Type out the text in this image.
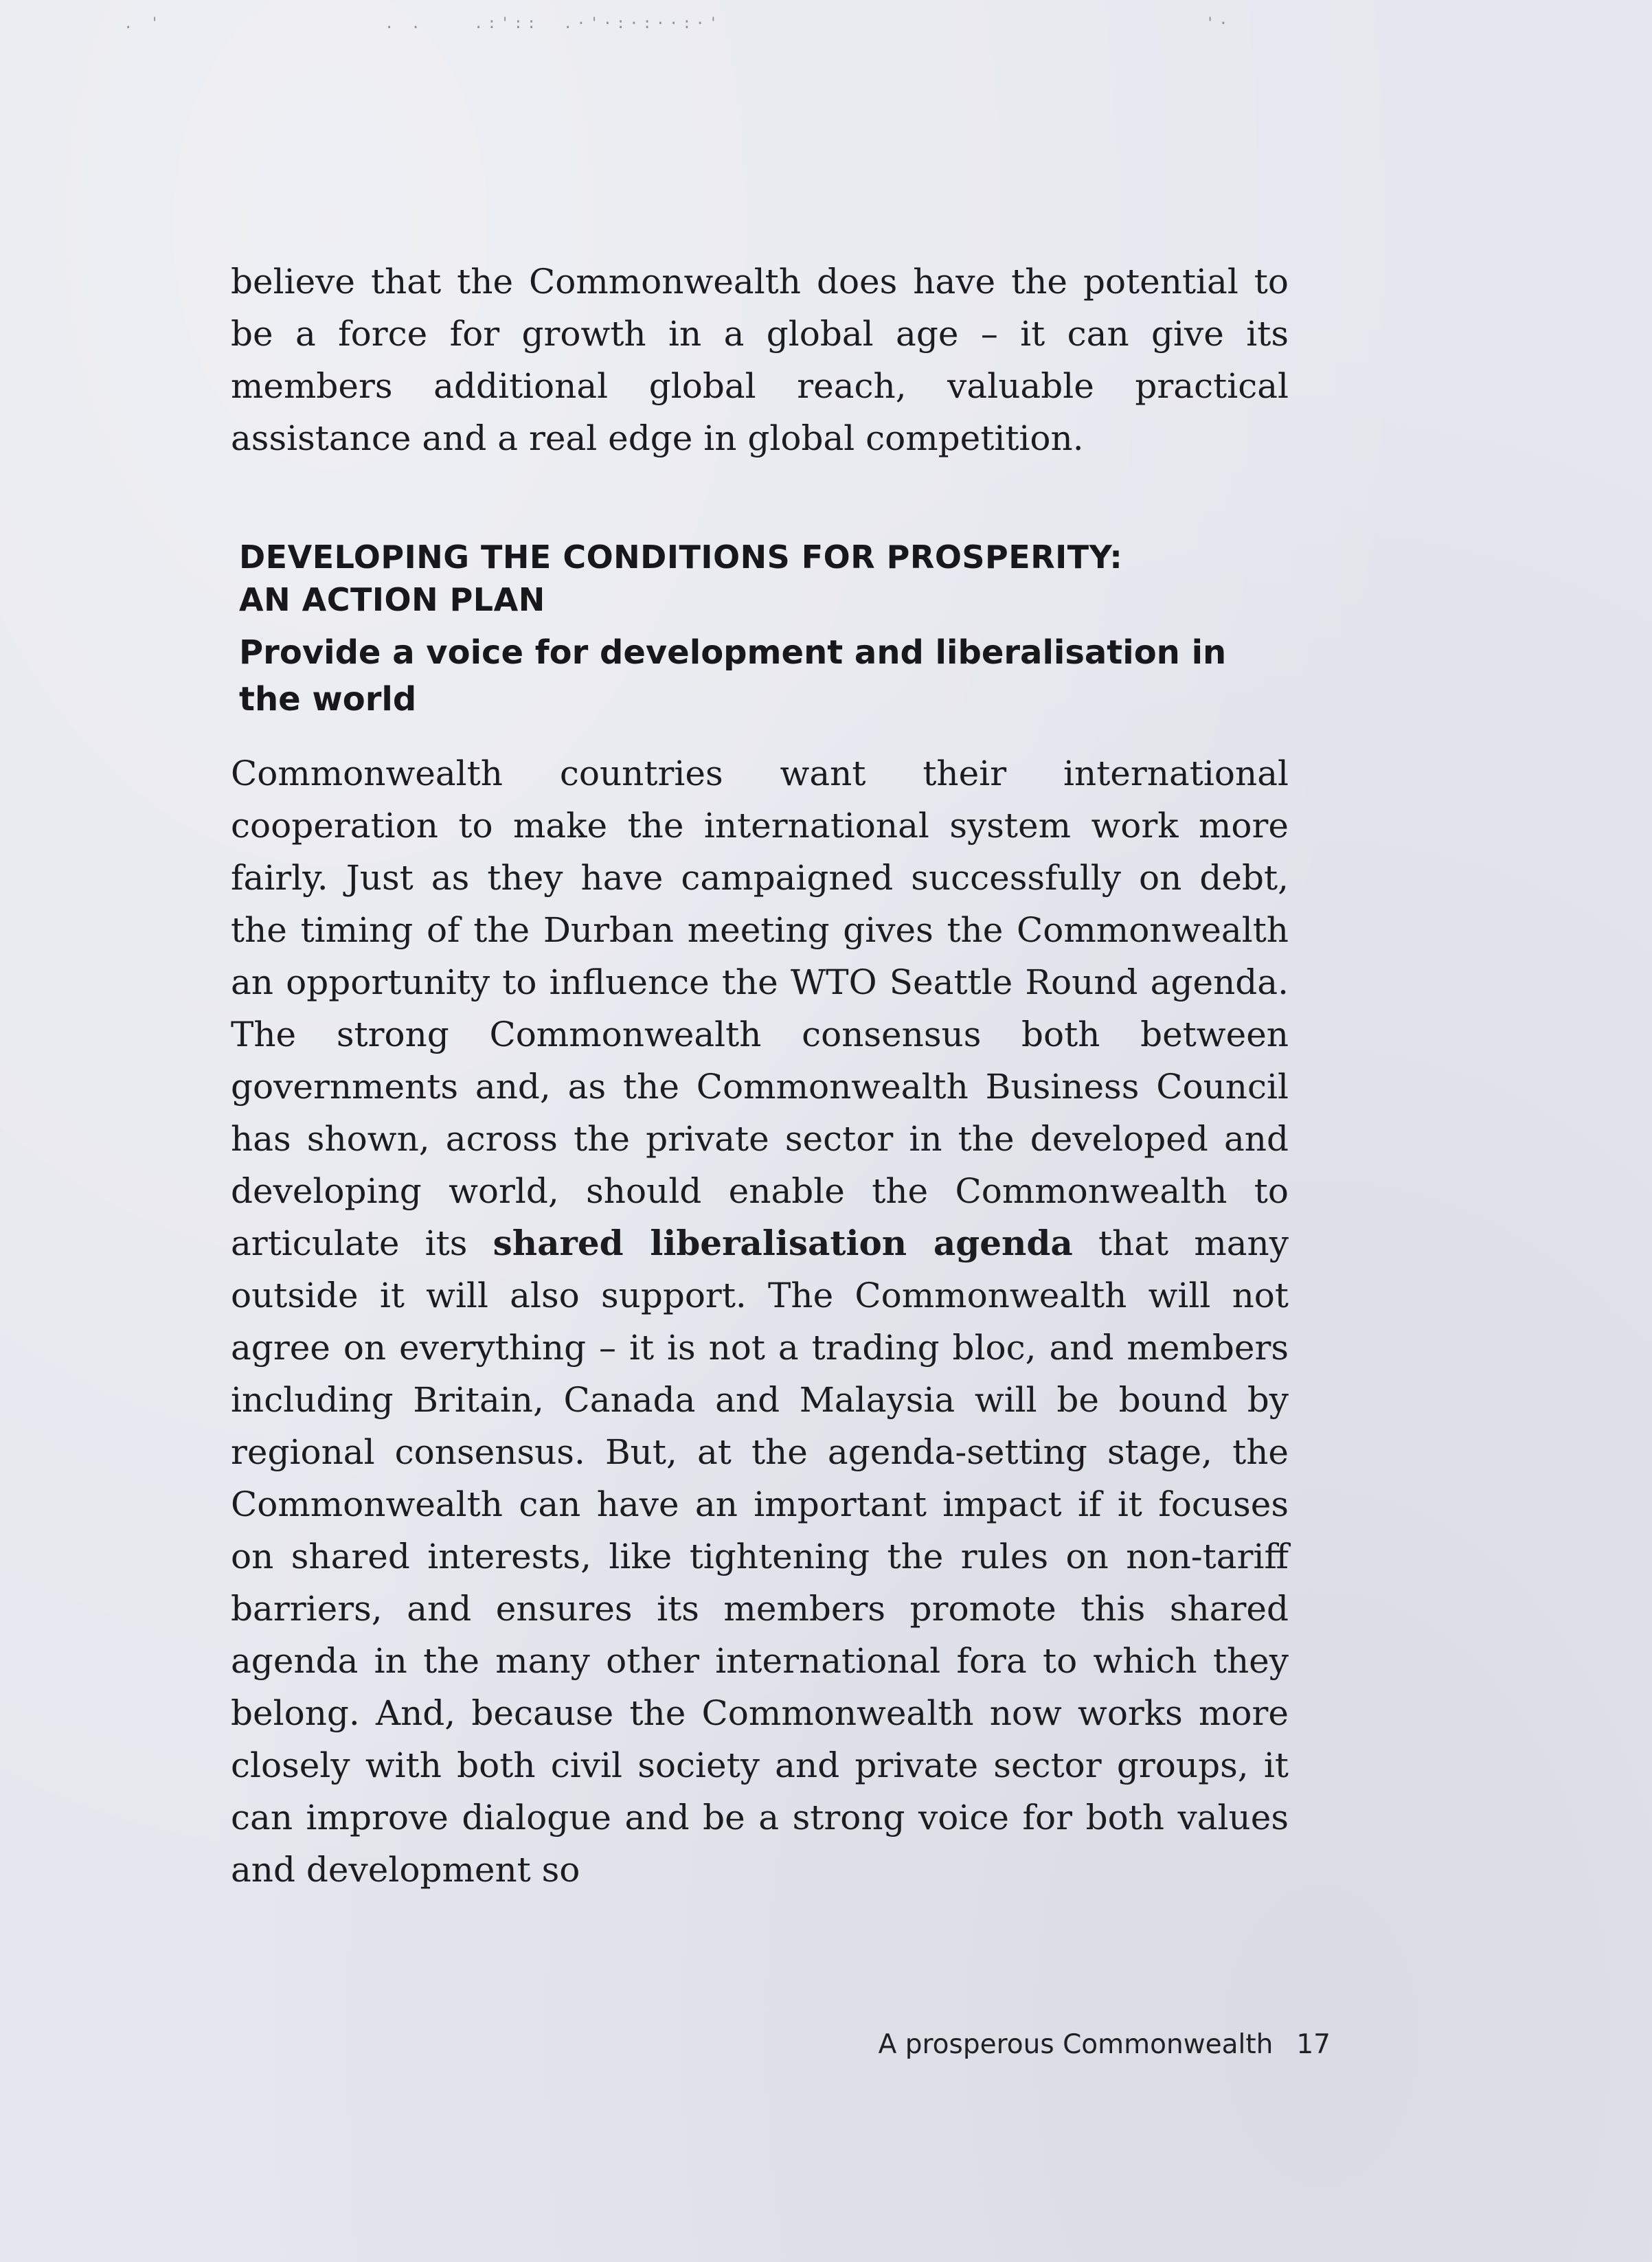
. '	. .	.:':: .·'·:·:··:·'	'·

believe that the Commonwealth does have the potential to be a force for growth in a global age – it can give its members additional global reach, valuable practical assistance and a real edge in global competition.

DEVELOPING THE CONDITIONS FOR PROSPERITY:
AN ACTION PLAN
Provide a voice for development and liberalisation in the world

Commonwealth countries want their international cooperation to make the international system work more fairly. Just as they have campaigned successfully on debt, the timing of the Durban meeting gives the Commonwealth an opportunity to influence the WTO Seattle Round agenda. The strong Commonwealth consensus both between governments and, as the Commonwealth Business Council has shown, across the private sector in the developed and developing world, should enable the Commonwealth to articulate its shared liberalisation agenda that many outside it will also support. The Commonwealth will not agree on everything – it is not a trading bloc, and members including Britain, Canada and Malaysia will be bound by regional consensus. But, at the agenda-setting stage, the Commonwealth can have an important impact if it focuses on shared interests, like tightening the rules on non-tariff barriers, and ensures its members promote this shared agenda in the many other international fora to which they belong. And, because the Commonwealth now works more closely with both civil society and private sector groups, it can improve dialogue and be a strong voice for both values and development so

A prosperous Commonwealth 17
